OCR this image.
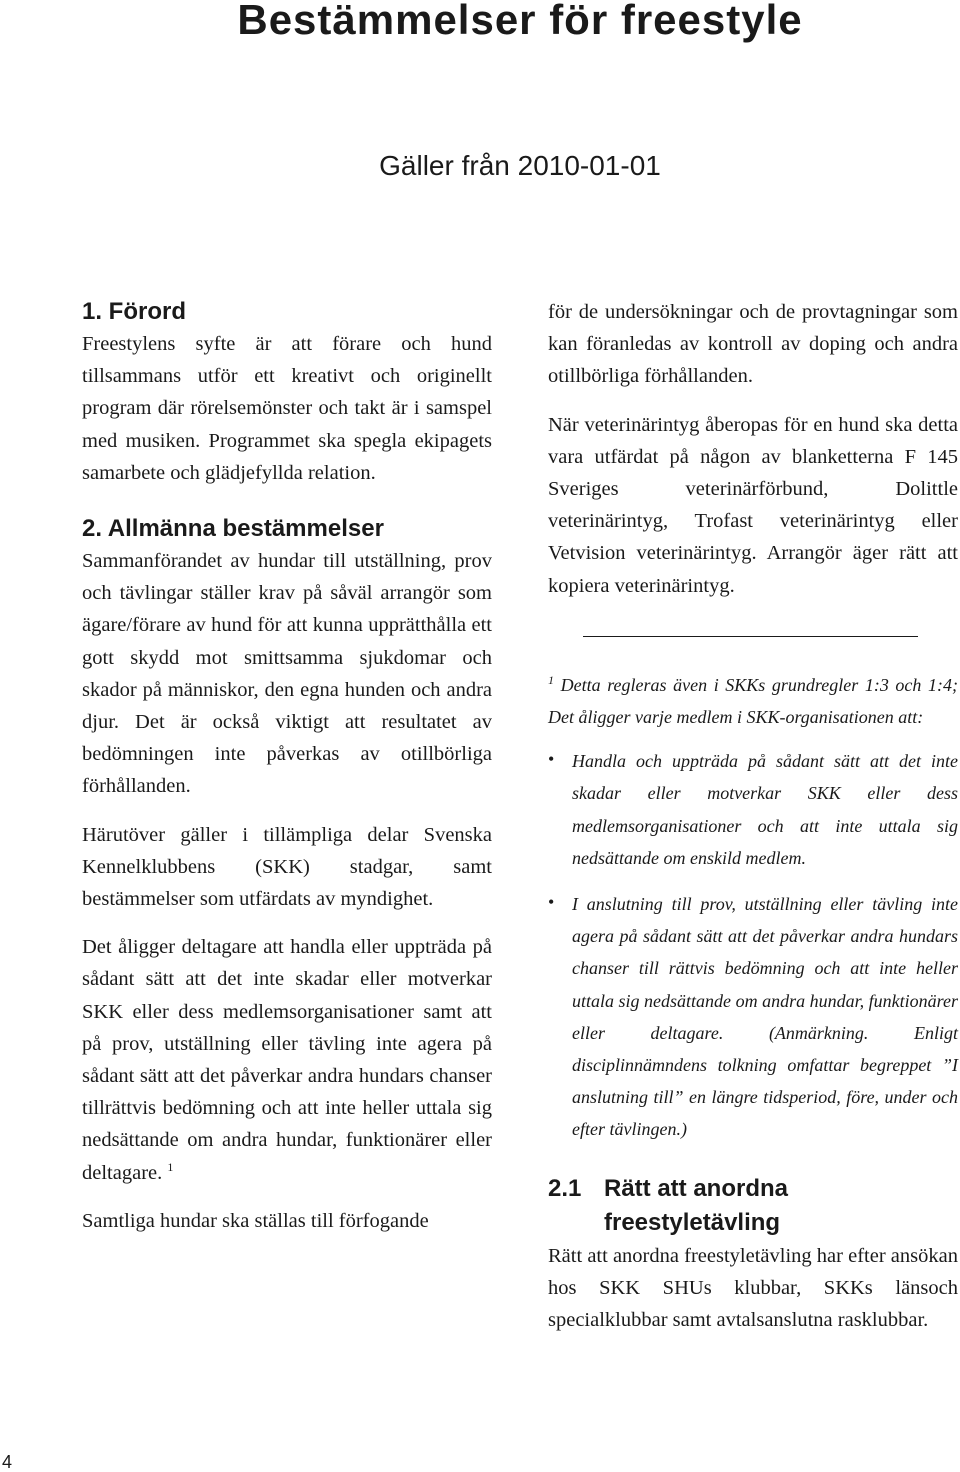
Bestämmelser för freestyle
Gäller från 2010-01-01

1. Förord

Freestylens syfte är att förare och hund tillsammans utför ett kreativt och originellt program där rörelsemönster och takt är i samspel med musiken. Programmet ska spegla ekipagets samarbete och glädjefyllda relation.

2. Allmänna bestämmelser

Sammanförandet av hundar till utställning, prov och tävlingar ställer krav på såväl arrangör som ägare/förare av hund för att kunna upprätthålla ett gott skydd mot smittsamma sjukdomar och skador på människor, den egna hunden och andra djur. Det är också viktigt att resultatet av bedömningen inte påverkas av otillbörliga förhållanden.

Härutöver gäller i tillämpliga delar Svenska Kennelklubbens (SKK) stadgar, samt bestämmelser som utfärdats av myndighet.

Det åligger deltagare att handla eller uppträda på sådant sätt att det inte skadar eller motverkar SKK eller dess medlemsorganisationer samt att på prov, utställning eller tävling inte agera på sådant sätt att det påverkar andra hundars chanser tillrättvis bedömning och att inte heller uttala sig nedsättande om andra hundar, funktionärer eller deltagare. $^1$

Samtliga hundar ska ställas till förfogande

för de undersökningar och de provtagningar som kan föranledas av kontroll av doping och andra otillbörliga förhållanden.

När veterinärintyg åberopas för en hund ska detta vara utfärdat på någon av blanketterna F 145 Sveriges veterinärförbund, Dolittle veterinärintyg, Trofast veterinärintyg eller Vetvision veterinärintyg. Arrangör äger rätt att kopiera veterinärintyg.

$^1$ Detta regleras även i SKKs grundregler 1:3 och 1:4; Det åligger varje medlem i SKK-organisationen att:

• Handla och uppträda på sådant sätt att det inte skadar eller motverkar SKK eller dess medlemsorganisationer och att inte uttala sig nedsättande om enskild medlem.
• I anslutning till prov, utställning eller tävling inte agera på sådant sätt att det påverkar andra hundars chanser till rättvis bedömning och att inte heller uttala sig nedsättande om andra hundar, funktionärer eller deltagare. (Anmärkning. Enligt disciplinnämndens tolkning omfattar begreppet ”I anslutning till” en längre tidsperiod, före, under och efter tävlingen.)
2.1 Rätt att anordna freestyletävling

Rätt att anordna freestyletävling har efter ansökan hos SKK SHUs klubbar, SKKs länsoch specialklubbar samt avtalsanslutna rasklubbar.

4
